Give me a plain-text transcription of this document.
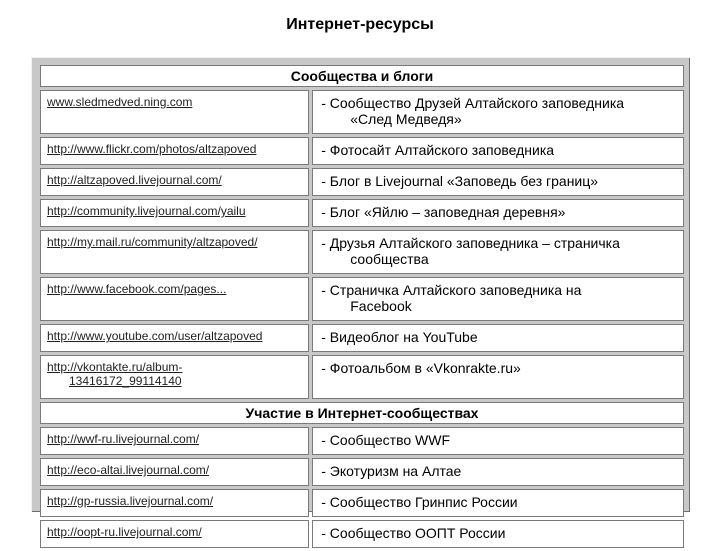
Интернет-ресурсы
Сообщества и блоги	
www.sledmedved.ning.com	- Сообщество Друзей Алтайского заповедника
«След Медведя»

http://www.flickr.com/photos/altzapoved	- Фотосайт Алтайского заповедника
http://altzapoved.livejournal.com/	- Блог в Livejournal «Заповедь без границ»
http://community.livejournal.com/yailu	- Блог «Яйлю – заповедная деревня»
http://my.mail.ru/community/altzapoved/	- Друзья Алтайского заповедника – страничка
сообщества

http://www.facebook.com/pages...	- Страничка Алтайского заповедника на
Facebook

http://www.youtube.com/user/altzapoved	- Видеоблог на YouTube
http://vkontakte.ru/album-
13416172_99114140	- Фотоальбом в «Vkonrakte.ru»
Участие в Интернет-сообществах	
http://wwf-ru.livejournal.com/	- Сообщество WWF
http://eco-altai.livejournal.com/	- Экотуризм на Алтае
http://gp-russia.livejournal.com/	- Сообщество Гринпис России
http://oopt-ru.livejournal.com/	- Сообщество ООПТ России
